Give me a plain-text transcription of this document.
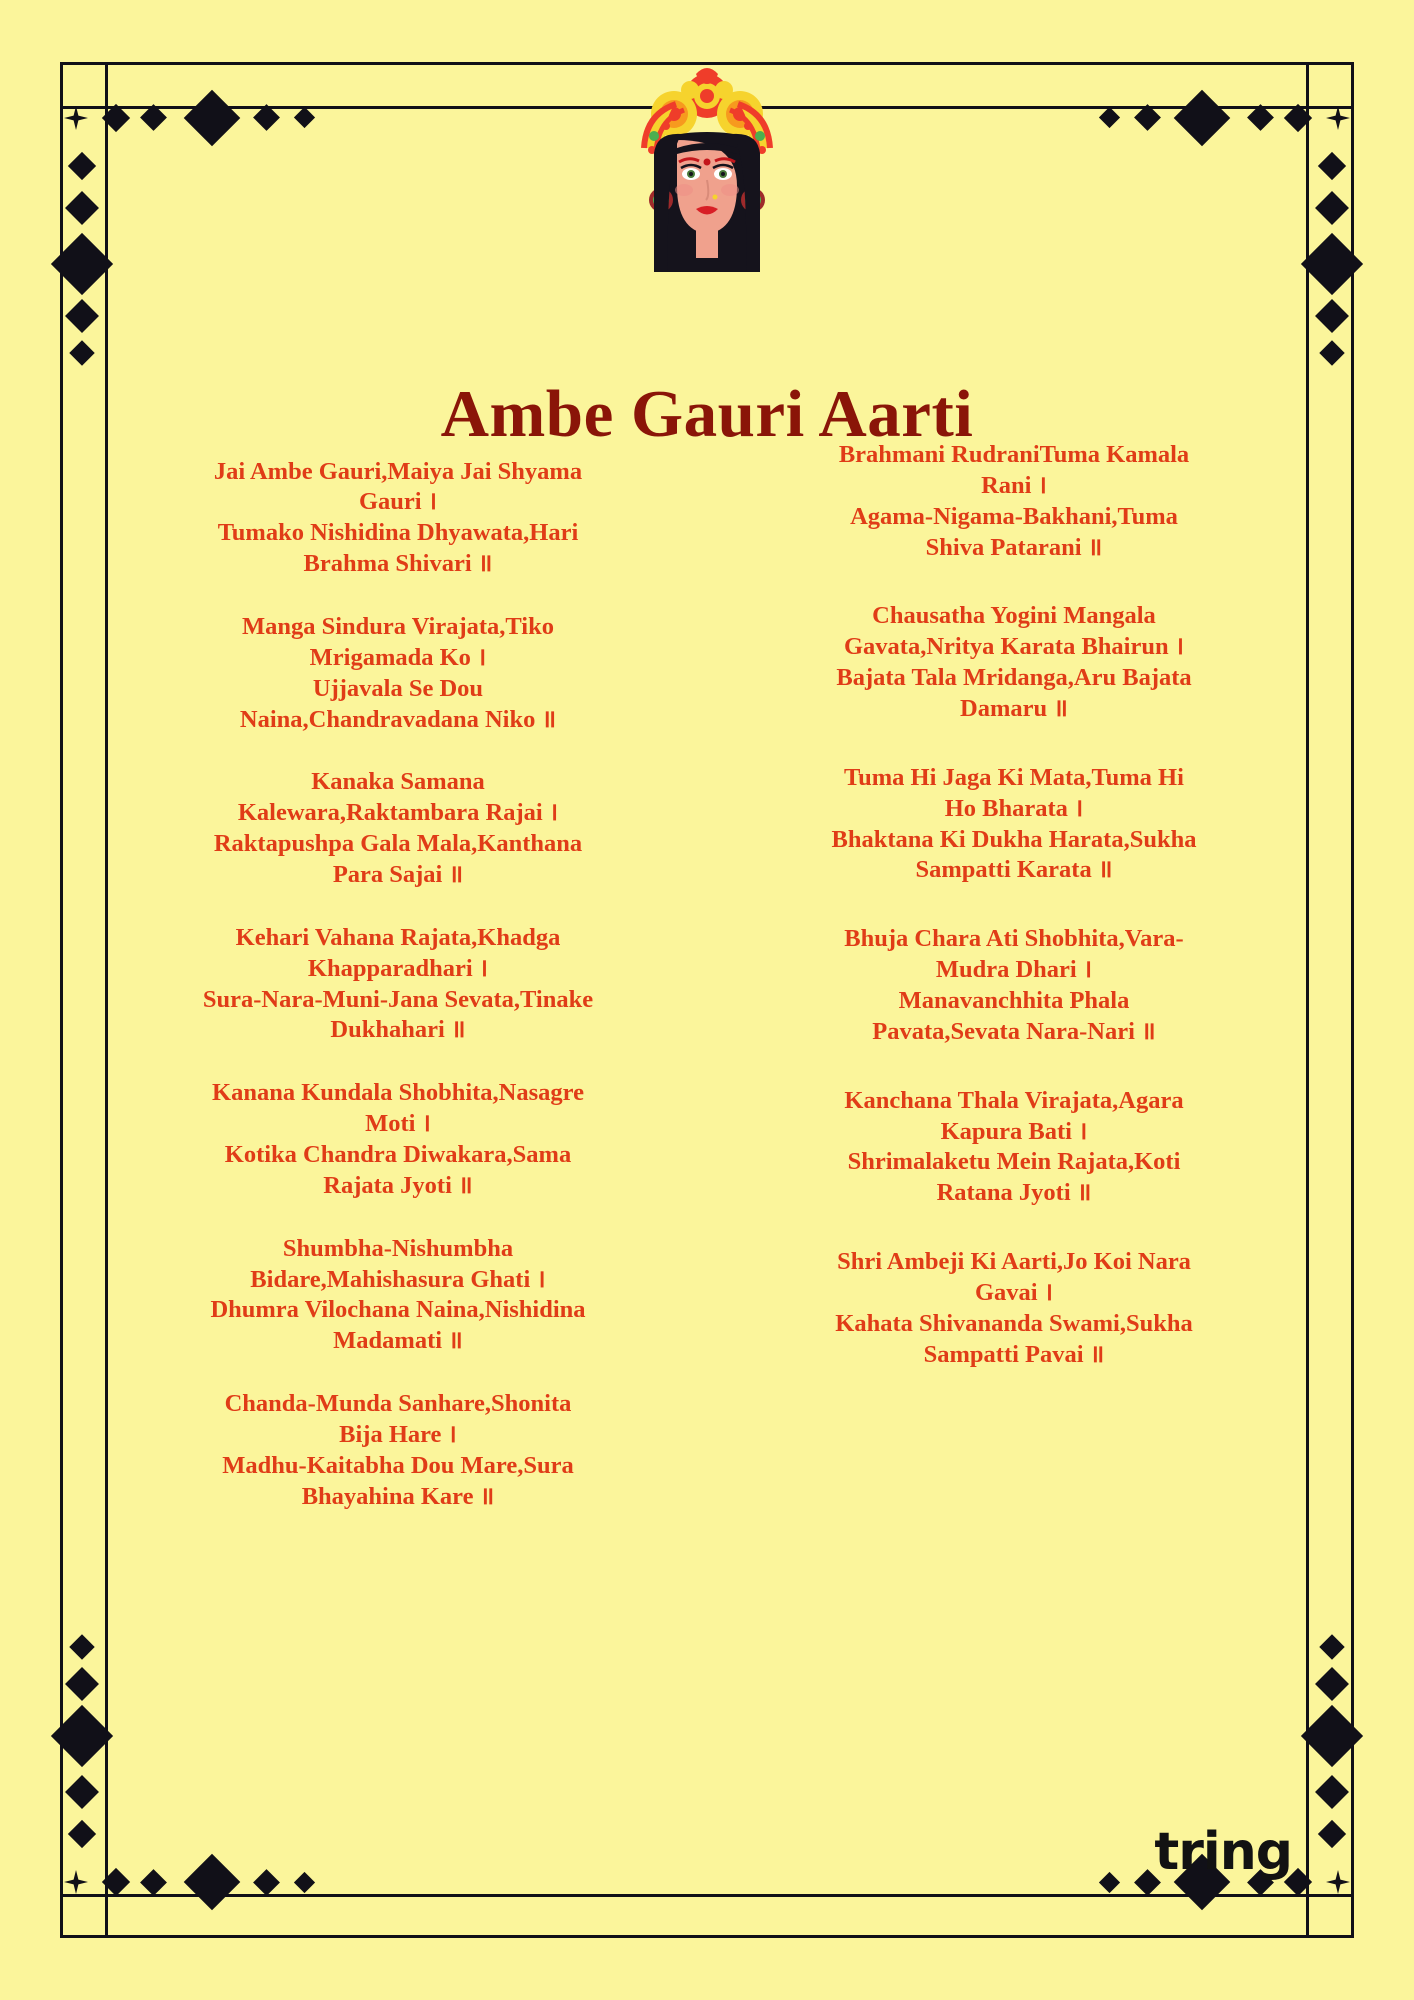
Ambe Gauri Aarti

Jai Ambe Gauri,Maiya Jai Shyama
Gauri ।
Tumako Nishidina Dhyawata,Hari
Brahma Shivari ॥

Manga Sindura Virajata,Tiko
Mrigamada Ko ।
Ujjavala Se Dou
Naina,Chandravadana Niko ॥

Kanaka Samana
Kalewara,Raktambara Rajai ।
Raktapushpa Gala Mala,Kanthana
Para Sajai ॥

Kehari Vahana Rajata,Khadga
Khapparadhari ।
Sura-Nara-Muni-Jana Sevata,Tinake
Dukhahari ॥

Kanana Kundala Shobhita,Nasagre
Moti ।
Kotika Chandra Diwakara,Sama
Rajata Jyoti ॥

Shumbha-Nishumbha
Bidare,Mahishasura Ghati ।
Dhumra Vilochana Naina,Nishidina
Madamati ॥

Chanda-Munda Sanhare,Shonita
Bija Hare ।
Madhu-Kaitabha Dou Mare,Sura
Bhayahina Kare ॥

Brahmani RudraniTuma Kamala
Rani ।
Agama-Nigama-Bakhani,Tuma
Shiva Patarani ॥

Chausatha Yogini Mangala
Gavata,Nritya Karata Bhairun ।
Bajata Tala Mridanga,Aru Bajata
Damaru ॥

Tuma Hi Jaga Ki Mata,Tuma Hi
Ho Bharata ।
Bhaktana Ki Dukha Harata,Sukha
Sampatti Karata ॥

Bhuja Chara Ati Shobhita,Vara-
Mudra Dhari ।
Manavanchhita Phala
Pavata,Sevata Nara-Nari ॥

Kanchana Thala Virajata,Agara
Kapura Bati ।
Shrimalaketu Mein Rajata,Koti
Ratana Jyoti ॥

Shri Ambeji Ki Aarti,Jo Koi Nara
Gavai ।
Kahata Shivananda Swami,Sukha
Sampatti Pavai ॥

tring
